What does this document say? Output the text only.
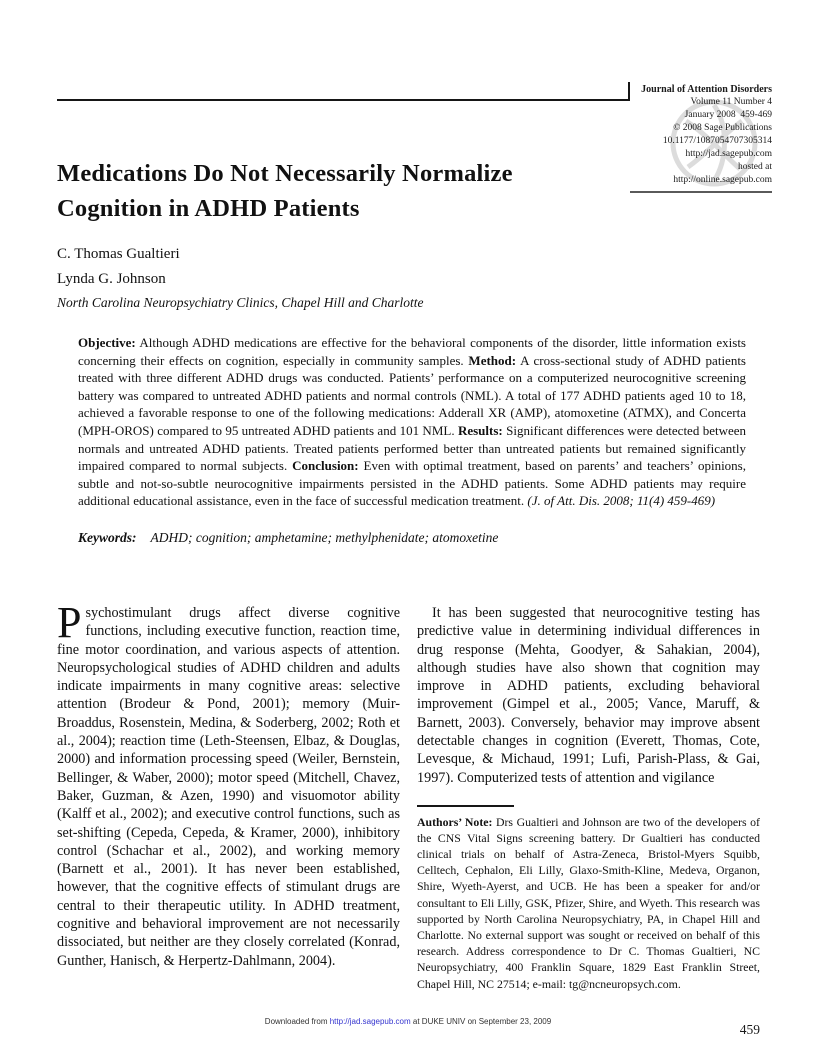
Journal of Attention Disorders
Volume 11 Number 4
January 2008  459-469
© 2008 Sage Publications
10.1177/1087054707305314
http://jad.sagepub.com
hosted at
http://online.sagepub.com
Medications Do Not Necessarily Normalize Cognition in ADHD Patients
C. Thomas Gualtieri
Lynda G. Johnson
North Carolina Neuropsychiatry Clinics, Chapel Hill and Charlotte
Objective: Although ADHD medications are effective for the behavioral components of the disorder, little information exists concerning their effects on cognition, especially in community samples. Method: A cross-sectional study of ADHD patients treated with three different ADHD drugs was conducted. Patients’ performance on a computerized neurocognitive screening battery was compared to untreated ADHD patients and normal controls (NML). A total of 177 ADHD patients aged 10 to 18, achieved a favorable response to one of the following medications: Adderall XR (AMP), atomoxetine (ATMX), and Concerta (MPH-OROS) compared to 95 untreated ADHD patients and 101 NML. Results: Significant differences were detected between normals and untreated ADHD patients. Treated patients performed better than untreated patients but remained significantly impaired compared to normal subjects. Conclusion: Even with optimal treatment, based on parents’ and teachers’ opinions, subtle and not-so-subtle neurocognitive impairments persisted in the ADHD patients. Some ADHD patients may require additional educational assistance, even in the face of successful medication treatment. (J. of Att. Dis. 2008; 11(4) 459-469)
Keywords: ADHD; cognition; amphetamine; methylphenidate; atomoxetine
Psychostimulant drugs affect diverse cognitive functions, including executive function, reaction time, fine motor coordination, and various aspects of attention. Neuropsychological studies of ADHD children and adults indicate impairments in many cognitive areas: selective attention (Brodeur & Pond, 2001); memory (Muir-Broaddus, Rosenstein, Medina, & Soderberg, 2002; Roth et al., 2004); reaction time (Leth-Steensen, Elbaz, & Douglas, 2000) and information processing speed (Weiler, Bernstein, Bellinger, & Waber, 2000); motor speed (Mitchell, Chavez, Baker, Guzman, & Azen, 1990) and visuomotor ability (Kalff et al., 2002); and executive control functions, such as set-shifting (Cepeda, Cepeda, & Kramer, 2000), inhibitory control (Schachar et al., 2002), and working memory (Barnett et al., 2001). It has never been established, however, that the cognitive effects of stimulant drugs are central to their therapeutic utility. In ADHD treatment, cognitive and behavioral improvement are not necessarily dissociated, but neither are they closely correlated (Konrad, Gunther, Hanisch, & Herpertz-Dahlmann, 2004).
It has been suggested that neurocognitive testing has predictive value in determining individual differences in drug response (Mehta, Goodyer, & Sahakian, 2004), although studies have also shown that cognition may improve in ADHD patients, excluding behavioral improvement (Gimpel et al., 2005; Vance, Maruff, & Barnett, 2003). Conversely, behavior may improve absent detectable changes in cognition (Everett, Thomas, Cote, Levesque, & Michaud, 1991; Lufi, Parish-Plass, & Gai, 1997). Computerized tests of attention and vigilance
Authors’ Note: Drs Gualtieri and Johnson are two of the developers of the CNS Vital Signs screening battery. Dr Gualtieri has conducted clinical trials on behalf of Astra-Zeneca, Bristol-Myers Squibb, Celltech, Cephalon, Eli Lilly, Glaxo-Smith-Kline, Medeva, Organon, Shire, Wyeth-Ayerst, and UCB. He has been a speaker for and/or consultant to Eli Lilly, GSK, Pfizer, Shire, and Wyeth. This research was supported by North Carolina Neuropsychiatry, PA, in Chapel Hill and Charlotte. No external support was sought or received on behalf of this research. Address correspondence to Dr C. Thomas Gualtieri, NC Neuropsychiatry, 400 Franklin Square, 1829 East Franklin Street, Chapel Hill, NC 27514; e-mail: tg@ncneuropsych.com.
Downloaded from http://jad.sagepub.com at DUKE UNIV on September 23, 2009
459
